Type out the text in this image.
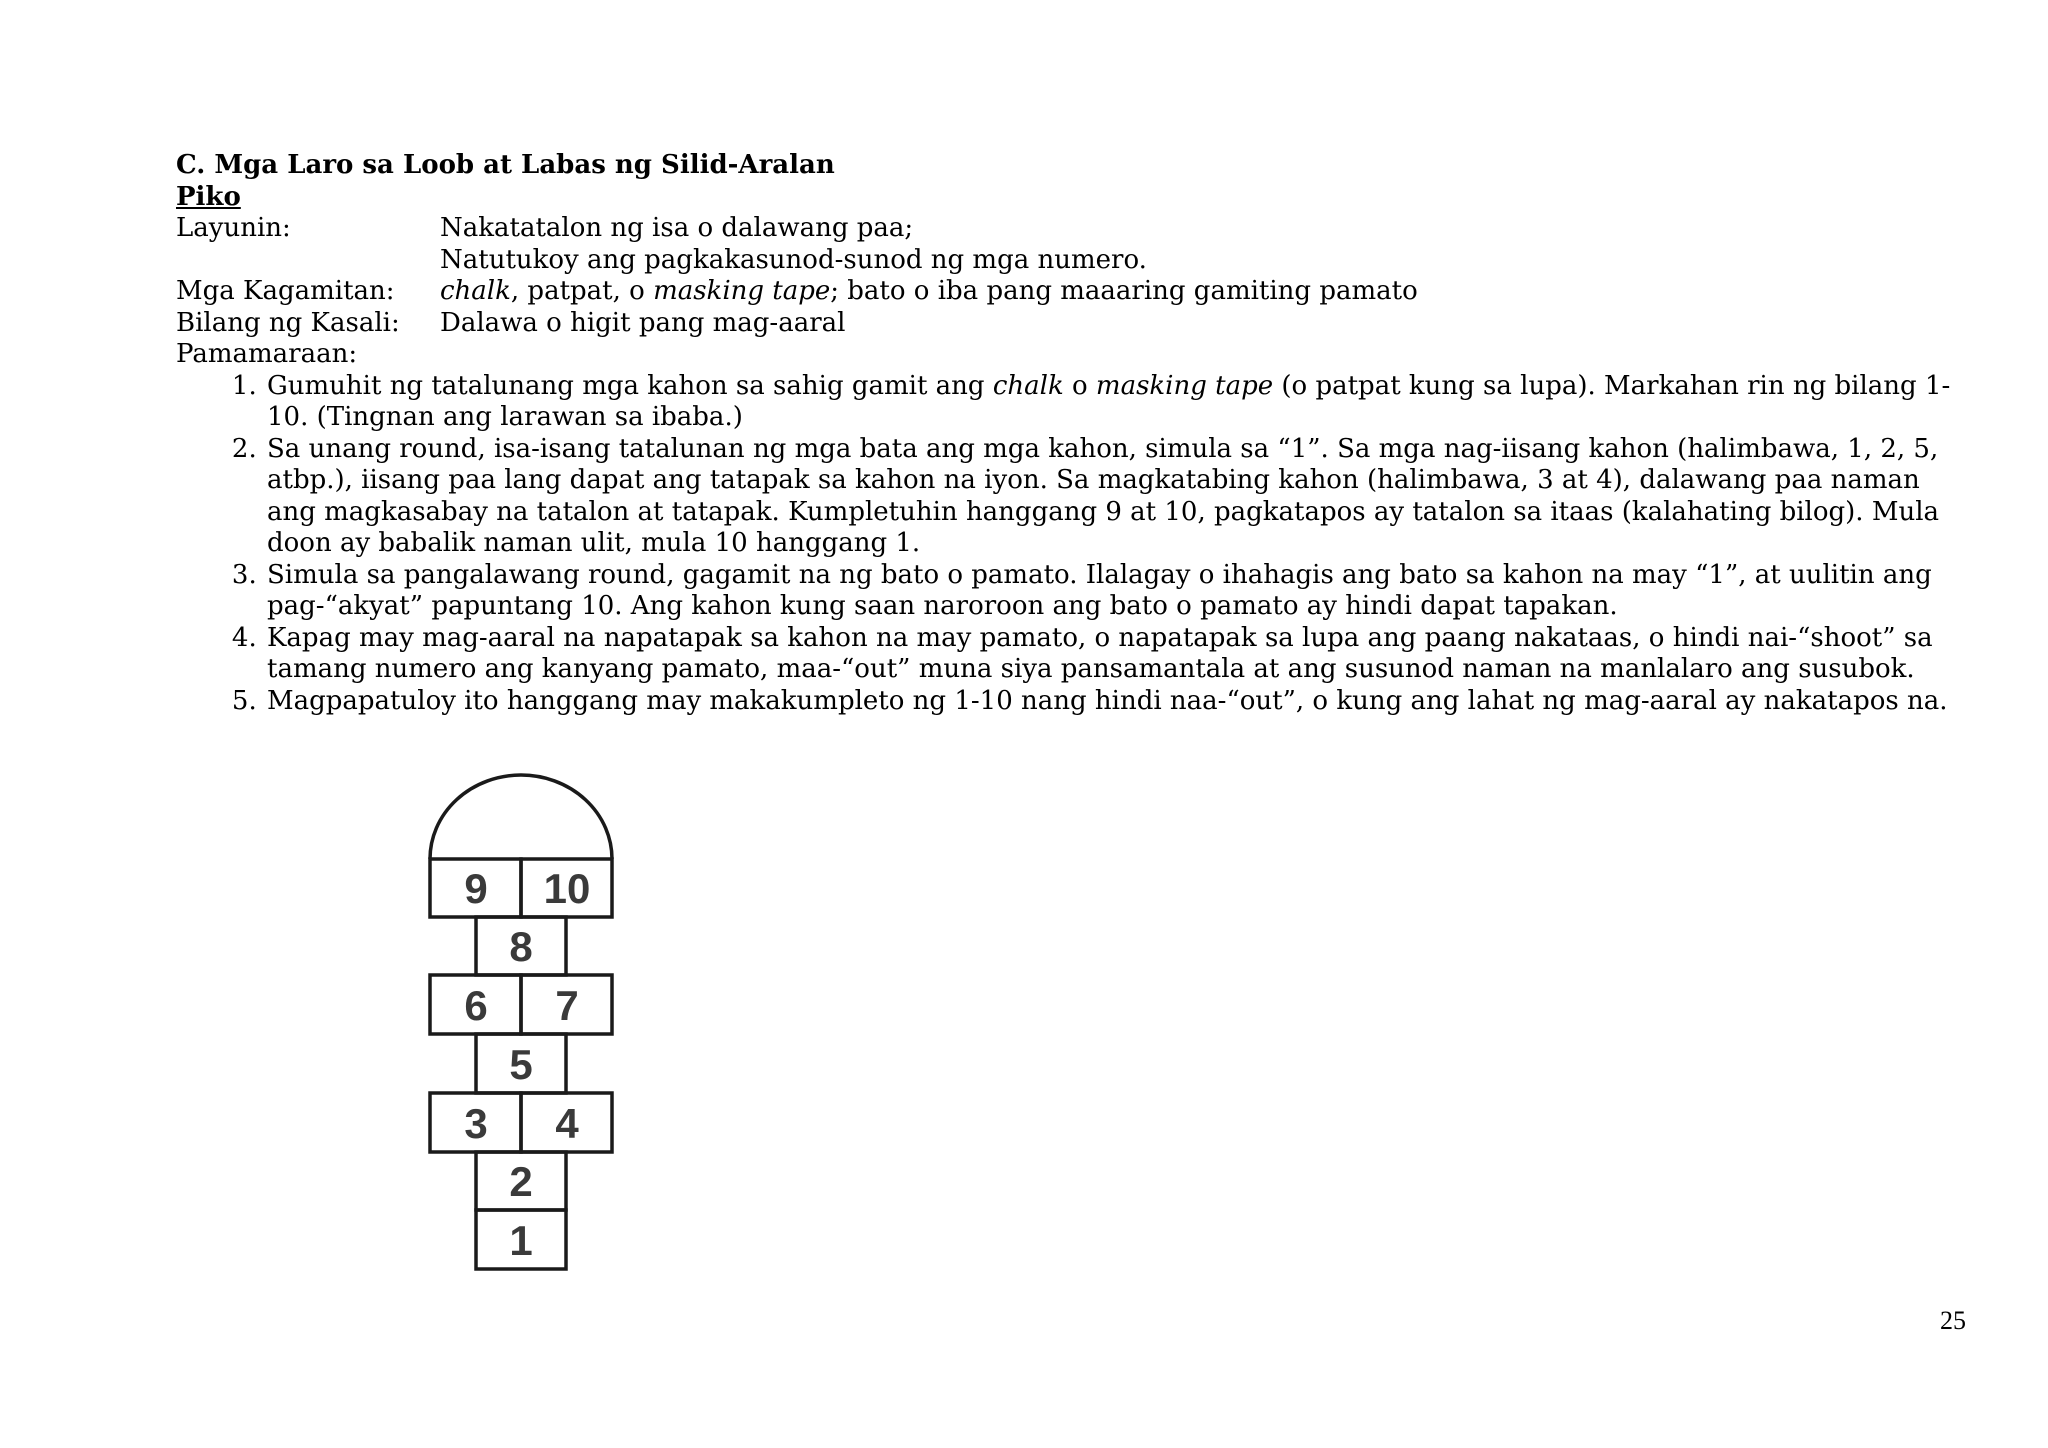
C. Mga Laro sa Loob at Labas ng Silid-Aralan

Piko

Layunin:	Nakatatalon ng isa o dalawang paa;
Natutukoy ang pagkakasunod-sunod ng mga numero.
Mga Kagamitan:	chalk, patpat, o masking tape; bato o iba pang maaaring gamiting pamato
Bilang ng Kasali:	Dalawa o higit pang mag-aaral

Pamamaraan:

1. Gumuhit ng tatalunang mga kahon sa sahig gamit ang chalk o masking tape (o patpat kung sa lupa). Markahan rin ng bilang 1-10. (Tingnan ang larawan sa ibaba.)
2. Sa unang round, isa-isang tatalunan ng mga bata ang mga kahon, simula sa “1”. Sa mga nag-iisang kahon (halimbawa, 1, 2, 5, atbp.), iisang paa lang dapat ang tatapak sa kahon na iyon. Sa magkatabing kahon (halimbawa, 3 at 4), dalawang paa naman ang magkasabay na tatalon at tatapak. Kumpletuhin hanggang 9 at 10, pagkatapos ay tatalon sa itaas (kalahating bilog). Mula doon ay babalik naman ulit, mula 10 hanggang 1.
3. Simula sa pangalawang round, gagamit na ng bato o pamato. Ilalagay o ihahagis ang bato sa kahon na may “1”, at uulitin ang pag-“akyat” papuntang 10. Ang kahon kung saan naroroon ang bato o pamato ay hindi dapat tapakan.
4. Kapag may mag-aaral na napatapak sa kahon na may pamato, o napatapak sa lupa ang paang nakataas, o hindi nai-“shoot” sa tamang numero ang kanyang pamato, maa-“out” muna siya pansamantala at ang susunod naman na manlalaro ang susubok.
5. Magpapatuloy ito hanggang may makakumpleto ng 1-10 nang hindi naa-“out”, o kung ang lahat ng mag-aaral ay nakatapos na.
9 10
8
6 7
5
3 4
2
1
25
